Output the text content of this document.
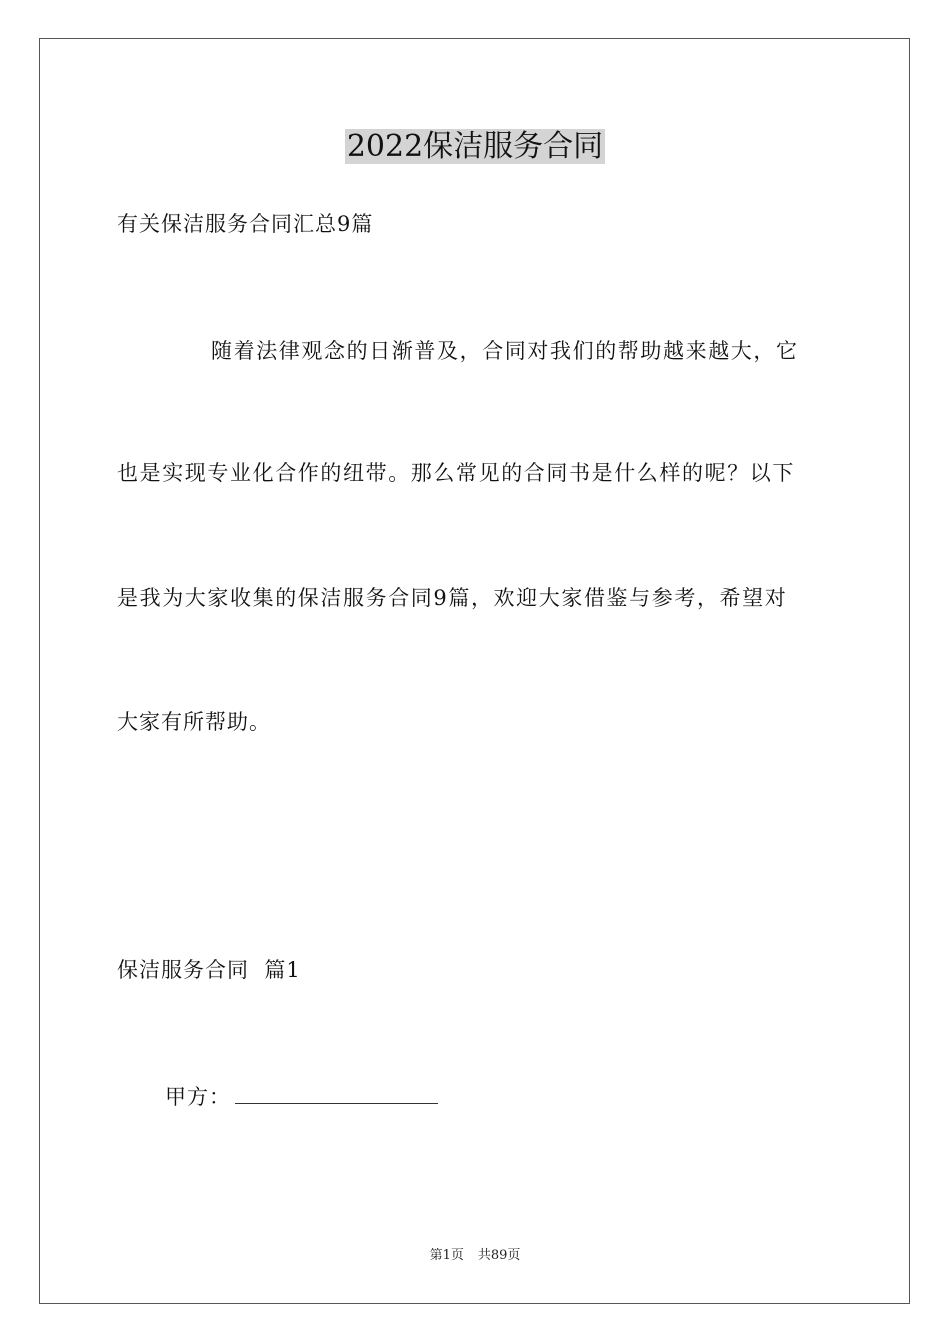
2022保洁服务合同

有关保洁服务合同汇总9篇

随着法律观念的日渐普及，合同对我们的帮助越来越大，它

也是实现专业化合作的纽带。那么常见的合同书是什么样的呢？以下

是我为大家收集的保洁服务合同9篇，欢迎大家借鉴与参考，希望对

大家有所帮助。

保洁服务合同  篇1

甲方：
第1页 共89页
